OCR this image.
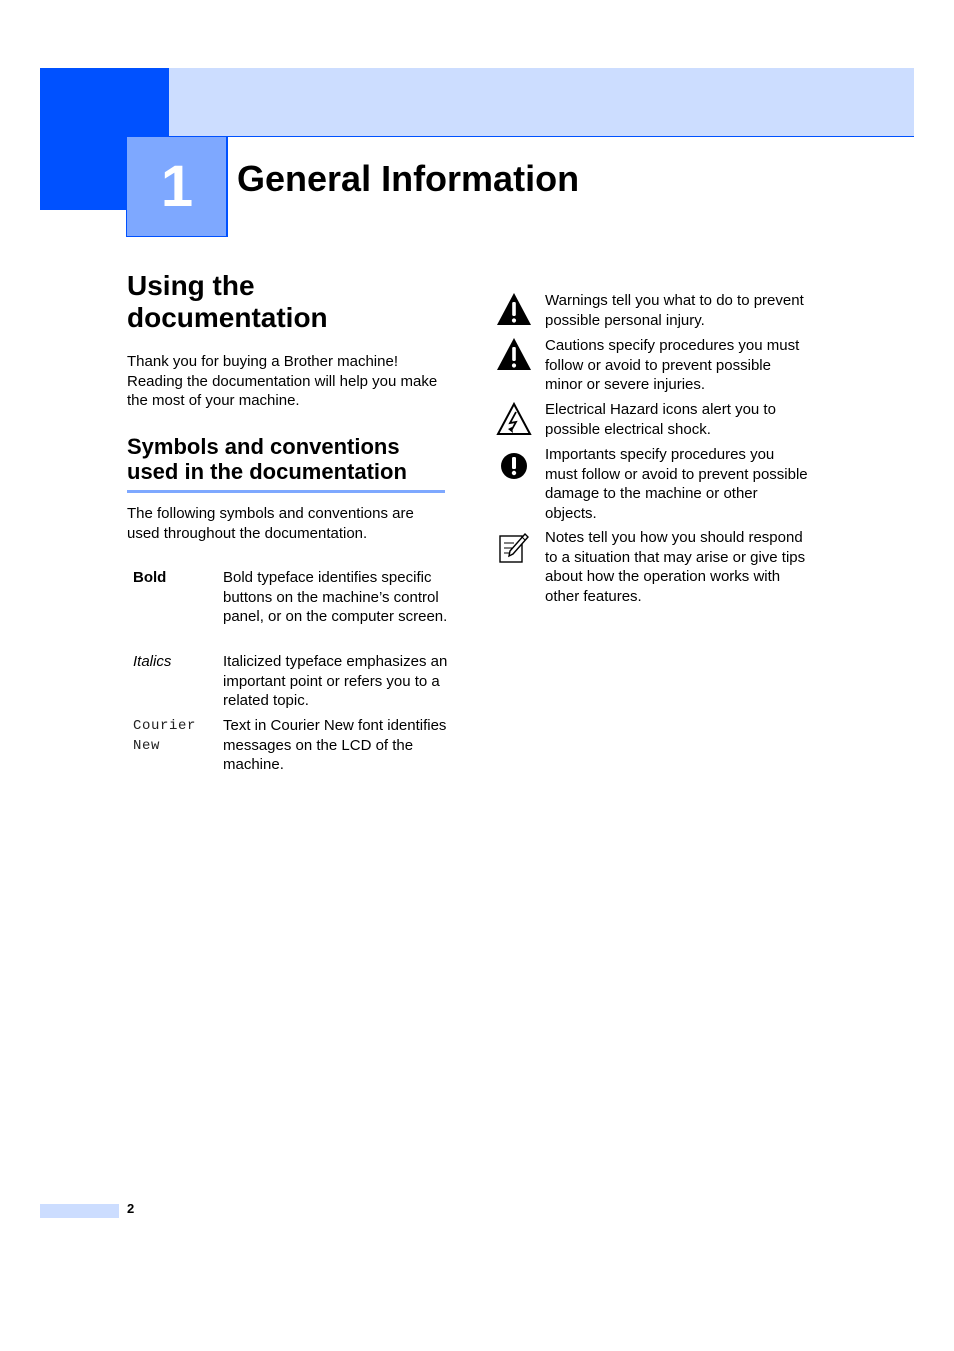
1 General Information
Using the documentation

Thank you for buying a Brother machine! Reading the documentation will help you make the most of your machine.

Symbols and conventions used in the documentation

The following symbols and conventions are used throughout the documentation.

Bold	Bold typeface identifies specific buttons on the machine’s control panel, or on the computer screen.
Italics	Italicized typeface emphasizes an important point or refers you to a related topic.
Courier New
Text in Courier New font identifies messages on the LCD of the machine.
Warnings tell you what to do to prevent possible personal injury.
Cautions specify procedures you must follow or avoid to prevent possible minor or severe injuries.
Electrical Hazard icons alert you to possible electrical shock.
Importants specify procedures you must follow or avoid to prevent possible damage to the machine or other objects.
Notes tell you how you should respond to a situation that may arise or give tips about how the operation works with other features.
2
